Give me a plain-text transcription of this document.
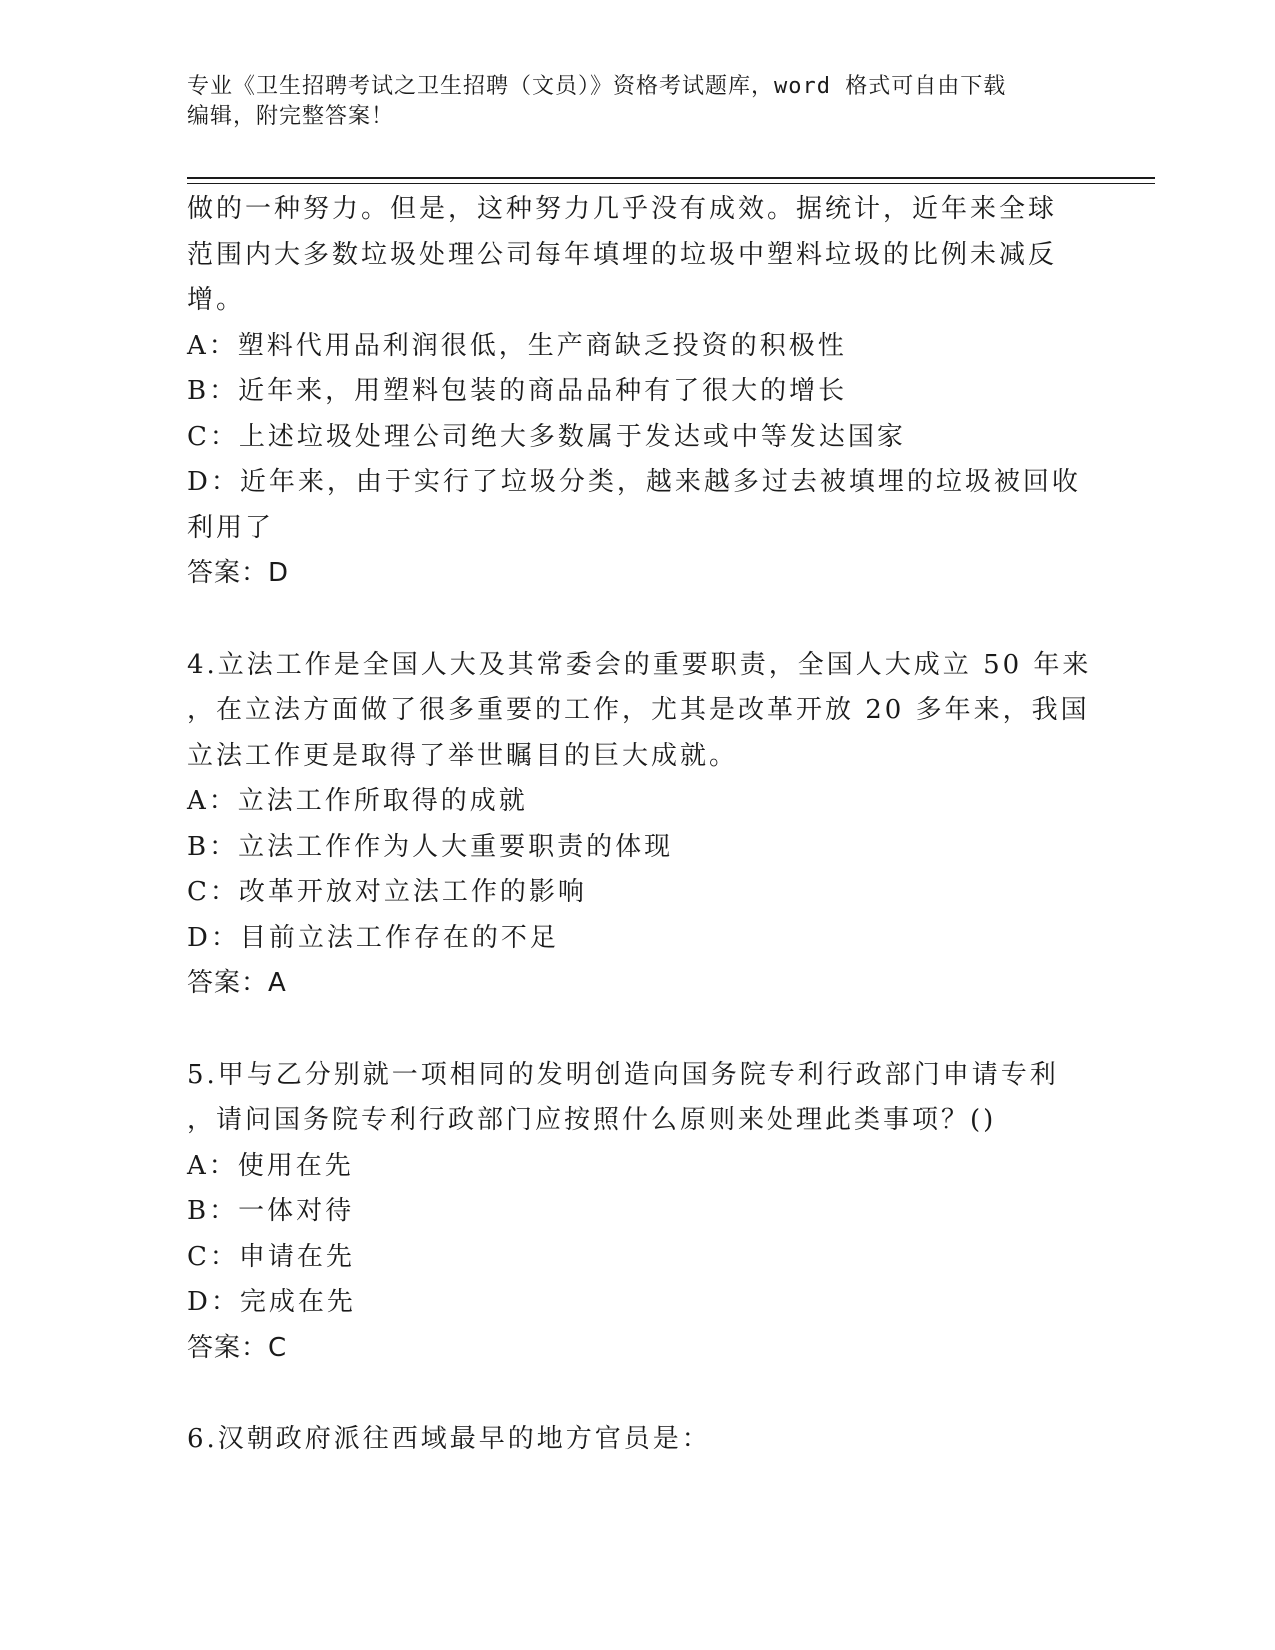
专业《卫生招聘考试之卫生招聘（文员）》资格考试题库，word 格式可自由下载
编辑，附完整答案！
做的一种努力。但是，这种努力几乎没有成效。据统计，近年来全球
范围内大多数垃圾处理公司每年填埋的垃圾中塑料垃圾的比例未减反
增。
A：塑料代用品利润很低，生产商缺乏投资的积极性
B：近年来，用塑料包装的商品品种有了很大的增长
C：上述垃圾处理公司绝大多数属于发达或中等发达国家
D：近年来，由于实行了垃圾分类，越来越多过去被填埋的垃圾被回收
利用了
答案：D
4.立法工作是全国人大及其常委会的重要职责，全国人大成立 50 年来
，在立法方面做了很多重要的工作，尤其是改革开放 20 多年来，我国
立法工作更是取得了举世瞩目的巨大成就。
A：立法工作所取得的成就
B：立法工作作为人大重要职责的体现
C：改革开放对立法工作的影响
D：目前立法工作存在的不足
答案：A
5.甲与乙分别就一项相同的发明创造向国务院专利行政部门申请专利
，请问国务院专利行政部门应按照什么原则来处理此类事项？()
A：使用在先
B：一体对待
C：申请在先
D：完成在先
答案：C
6.汉朝政府派往西域最早的地方官员是：
